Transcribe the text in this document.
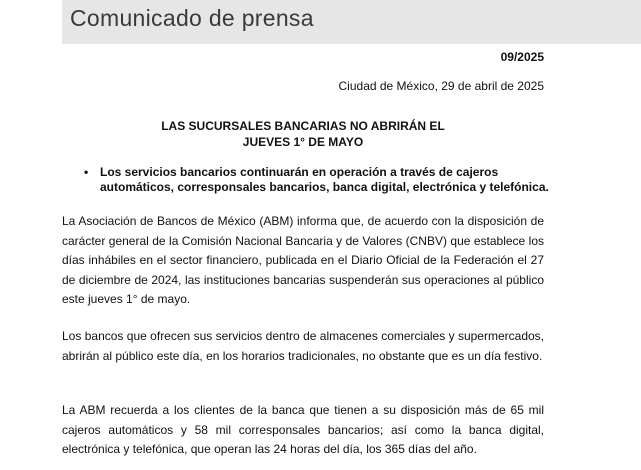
Comunicado de prensa
09/2025
Ciudad de México, 29 de abril de 2025
LAS SUCURSALES BANCARIAS NO ABRIRÁN EL
JUEVES 1° DE MAYO
• Los servicios bancarios continuarán en operación a través de cajeros automáticos, corresponsales bancarios, banca digital, electrónica y telefónica.

La Asociación de Bancos de México (ABM) informa que, de acuerdo con la disposición de carácter general de la Comisión Nacional Bancaria y de Valores (CNBV) que establece los días inhábiles en el sector financiero, publicada en el Diario Oficial de la Federación el 27 de diciembre de 2024, las instituciones bancarias suspenderán sus operaciones al público este jueves 1° de mayo.

Los bancos que ofrecen sus servicios dentro de almacenes comerciales y supermercados, abrirán al público este día, en los horarios tradicionales, no obstante que es un día festivo.

La ABM recuerda a los clientes de la banca que tienen a su disposición más de 65 mil cajeros automáticos y 58 mil corresponsales bancarios; así como la banca digital, electrónica y telefónica, que operan las 24 horas del día, los 365 días del año.
